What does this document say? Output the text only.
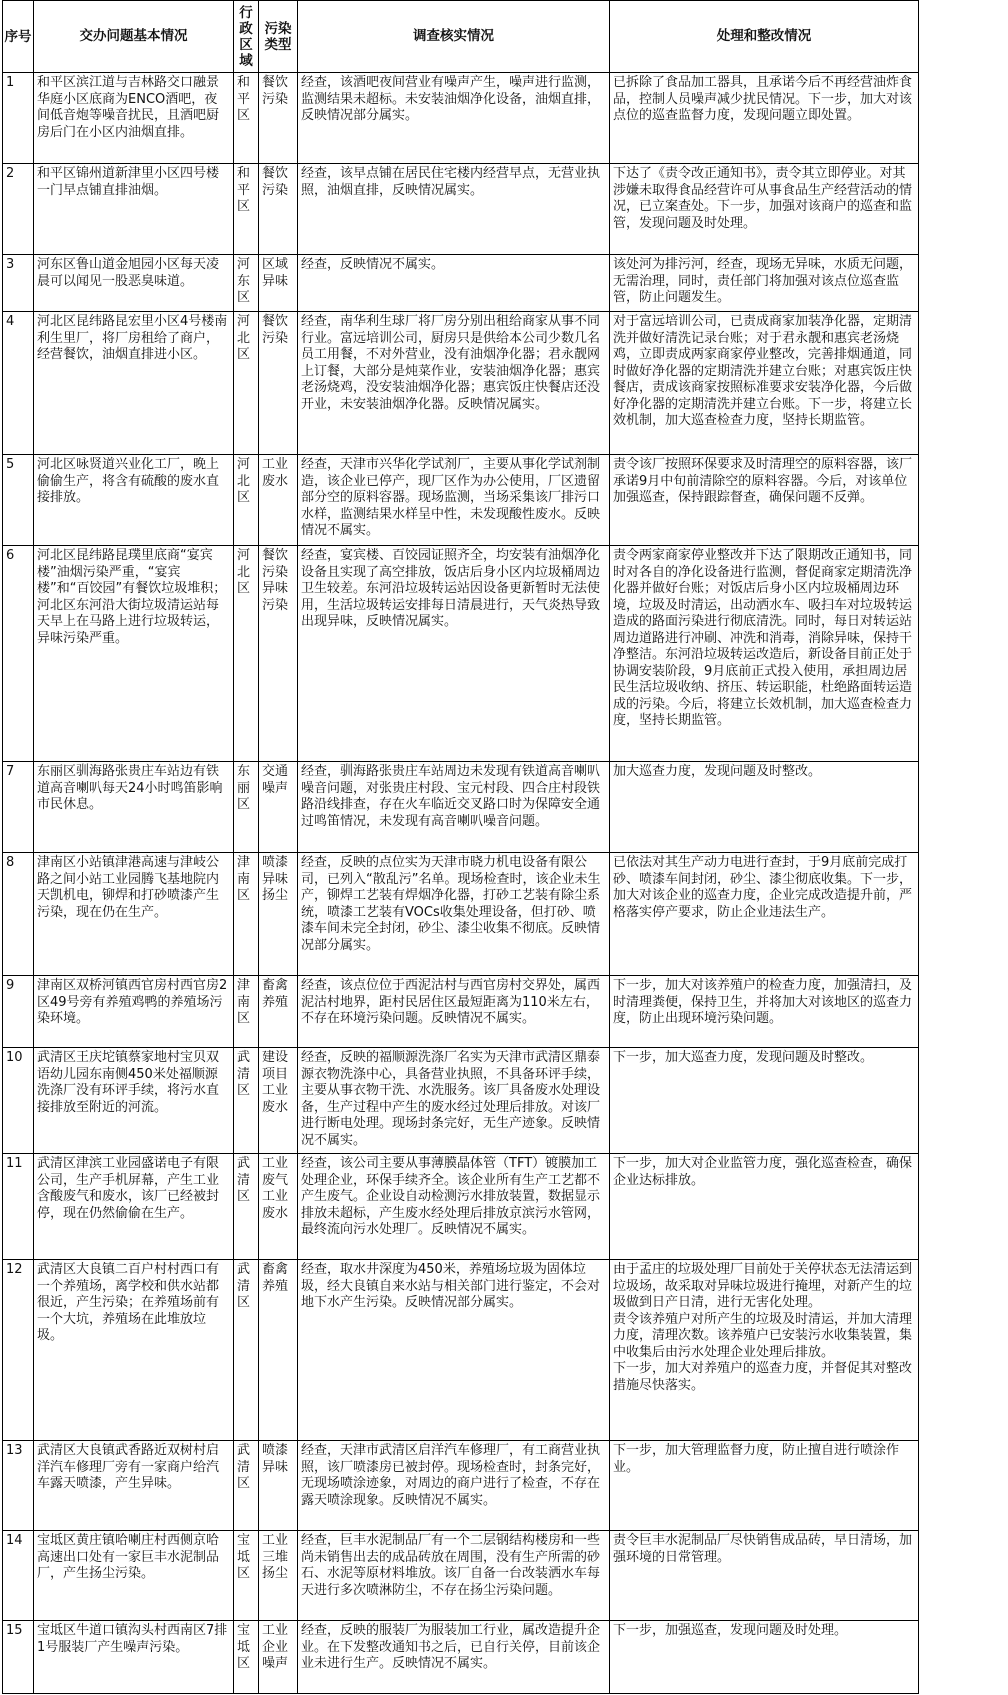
序号	交办问题基本情况	行政区域	污染类型	调查核实情况	处理和整改情况
1	和平区滨江道与吉林路交口融景华庭小区底商为ENCO酒吧，夜间低音炮等噪音扰民，且酒吧厨房后门在小区内油烟直排。	和平区	餐饮污染	经查，该酒吧夜间营业有噪声产生，噪声进行监测，监测结果未超标。未安装油烟净化设备，油烟直排，反映情况部分属实。	已拆除了食品加工器具，且承诺今后不再经营油炸食品，控制人员噪声减少扰民情况。下一步，加大对该点位的巡查监督力度，发现问题立即处置。
2	和平区锦州道新津里小区四号楼一门早点铺直排油烟。	和平区	餐饮污染	经查，该早点铺在居民住宅楼内经营早点，无营业执照，油烟直排，反映情况属实。	下达了《责令改正通知书》，责令其立即停业。对其涉嫌未取得食品经营许可从事食品生产经营活动的情况，已立案查处。下一步，加强对该商户的巡查和监管，发现问题及时处理。
3	河东区鲁山道金旭园小区每天凌晨可以闻见一股恶臭味道。	河东区	区域异味	经查，反映情况不属实。	该处河为排污河，经查，现场无异味，水质无问题，无需治理，同时，责任部门将加强对该点位巡查监管，防止问题发生。
4	河北区昆纬路昆宏里小区4号楼南利生里厂，将厂房租给了商户，经营餐饮，油烟直排进小区。	河北区	餐饮污染	经查，南华利生球厂将厂房分别出租给商家从事不同行业。富远培训公司，厨房只是供给本公司少数几名员工用餐，不对外营业，没有油烟净化器；君永靓网上订餐，大部分是炖菜作业，安装油烟净化器；惠宾老汤烧鸡，没安装油烟净化器；惠宾饭庄快餐店还没开业，未安装油烟净化器。反映情况属实。	对于富远培训公司，已责成商家加装净化器，定期清洗并做好清洗记录台账；对于君永靓和惠宾老汤烧鸡，立即责成两家商家停业整改，完善排烟通道，同时做好净化器的定期清洗并建立台账；对惠宾饭庄快餐店，责成该商家按照标准要求安装净化器，今后做好净化器的定期清洗并建立台账。下一步，将建立长效机制，加大巡查检查力度，坚持长期监管。
5	河北区咏贤道兴业化工厂，晚上偷偷生产，将含有硫酸的废水直接排放。	河北区	工业废水	经查，天津市兴华化学试剂厂，主要从事化学试剂制造，该企业已停产，现厂区作为办公使用，厂区遗留部分空的原料容器。现场监测，当场采集该厂排污口水样，监测结果水样呈中性，未发现酸性废水。反映情况不属实。	责令该厂按照环保要求及时清理空的原料容器，该厂承诺9月中旬前清除空的原料容器。今后，对该单位加强巡查，保持跟踪督查，确保问题不反弹。
6	河北区昆纬路昆璞里底商“宴宾楼”油烟污染严重，“宴宾楼”和“百饺园”有餐饮垃圾堆积；河北区东河沿大街垃圾清运站每天早上在马路上进行垃圾转运，异味污染严重。	河北区	餐饮污染异味污染	经查，宴宾楼、百饺园证照齐全，均安装有油烟净化设备且实现了高空排放，饭店后身小区内垃圾桶周边卫生较差。东河沿垃圾转运站因设备更新暂时无法使用，生活垃圾转运安排每日清晨进行，天气炎热导致出现异味，反映情况属实。	责令两家商家停业整改并下达了限期改正通知书，同时对各自的净化设备进行监测，督促商家定期清洗净化器并做好台账；对饭店后身小区内垃圾桶周边环境，垃圾及时清运，出动洒水车、吸扫车对垃圾转运造成的路面污染进行彻底清洗。同时，每日对转运站周边道路进行冲刷、冲洗和消毒，消除异味，保持干净整洁。东河沿垃圾转运改造后，新设备目前正处于协调安装阶段，9月底前正式投入使用，承担周边居民生活垃圾收纳、挤压、转运职能，杜绝路面转运造成的污染。今后，将建立长效机制，加大巡查检查力度，坚持长期监管。
7	东丽区驯海路张贵庄车站边有铁道高音喇叭每天24小时鸣笛影响市民休息。	东丽区	交通噪声	经查，驯海路张贵庄车站周边未发现有铁道高音喇叭噪音问题，对张贵庄村段、宝元村段、四合庄村段铁路沿线排查，存在火车临近交叉路口时为保障安全通过鸣笛情况，未发现有高音喇叭噪音问题。	加大巡查力度，发现问题及时整改。
8	津南区小站镇津港高速与津岐公路之间小站工业园腾飞基地院内天凯机电，铆焊和打砂喷漆产生污染，现在仍在生产。	津南区	喷漆异味扬尘	经查，反映的点位实为天津市晓力机电设备有限公司，已列入“散乱污”名单。现场检查时，该企业未生产，铆焊工艺装有焊烟净化器，打砂工艺装有除尘系统，喷漆工艺装有VOCs收集处理设备，但打砂、喷漆车间未完全封闭，砂尘、漆尘收集不彻底。反映情况部分属实。	已依法对其生产动力电进行查封，于9月底前完成打砂、喷漆车间封闭，砂尘、漆尘彻底收集。下一步，加大对该企业的巡查力度，企业完成改造提升前，严格落实停产要求，防止企业违法生产。
9	津南区双桥河镇西官房村西官房2区49号旁有养殖鸡鸭的养殖场污染环境。	津南区	畜禽养殖	经查，该点位位于西泥沽村与西官房村交界处，属西泥沽村地界，距村民居住区最短距离为110米左右，不存在环境污染问题。反映情况不属实。	下一步，加大对该养殖户的检查力度，加强清扫，及时清理粪便，保持卫生，并将加大对该地区的巡查力度，防止出现环境污染问题。
10	武清区王庆坨镇蔡家地村宝贝双语幼儿园东南侧450米处福顺源洗涤厂没有环评手续，将污水直接排放至附近的河流。	武清区	建设项目工业废水	经查，反映的福顺源洗涤厂名实为天津市武清区鼎泰源衣物洗涤中心，具备营业执照，不具备环评手续，主要从事衣物干洗、水洗服务。该厂具备废水处理设备，生产过程中产生的废水经过处理后排放。对该厂进行断电处理。现场封条完好，无生产迹象。反映情况不属实。	下一步，加大巡查力度，发现问题及时整改。
11	武清区津滨工业园盛诺电子有限公司，生产手机屏幕，产生工业含酸废气和废水，该厂已经被封停，现在仍然偷偷在生产。	武清区	工业废气工业废水	经查，该公司主要从事薄膜晶体管（TFT）镀膜加工处理企业，环保手续齐全。该企业所有生产工艺都不产生废气。企业设自动检测污水排放装置，数据显示排放未超标，产生废水经处理后排放京滨污水管网，最终流向污水处理厂。反映情况不属实。	下一步，加大对企业监管力度，强化巡查检查，确保企业达标排放。
12	武清区大良镇二百户村村西口有一个养殖场，离学校和供水站都很近，产生污染；在养殖场前有一个大坑，养殖场在此堆放垃圾。	武清区	畜禽养殖	经查，取水井深度为450米，养殖场垃圾为固体垃圾，经大良镇自来水站与相关部门进行鉴定，不会对地下水产生污染。反映情况部分属实。	由于孟庄的垃圾处理厂目前处于关停状态无法清运到垃圾场，故采取对异味垃圾进行掩埋，对新产生的垃圾做到日产日清，进行无害化处理。
责令该养殖户对所产生的垃圾及时清运，并加大清理力度，清理次数。该养殖户已安装污水收集装置，集中收集后由污水处理企业处理后排放。
下一步，加大对养殖户的巡查力度，并督促其对整改措施尽快落实。
13	武清区大良镇武香路近双树村启洋汽车修理厂旁有一家商户给汽车露天喷漆，产生异味。	武清区	喷漆异味	经查，天津市武清区启洋汽车修理厂，有工商营业执照，该厂喷漆房已被封停。现场检查时，封条完好，无现场喷涂迹象，对周边的商户进行了检查，不存在露天喷涂现象。反映情况不属实。	下一步，加大管理监督力度，防止擅自进行喷涂作业。
14	宝坻区黄庄镇哈喇庄村西侧京哈高速出口处有一家巨丰水泥制品厂，产生扬尘污染。	宝坻区	工业三堆扬尘	经查，巨丰水泥制品厂有一个二层钢结构楼房和一些尚未销售出去的成品砖放在周围，没有生产所需的砂石、水泥等原材料堆放。该厂自备一台改装洒水车每天进行多次喷淋防尘，不存在扬尘污染问题。	责令巨丰水泥制品厂尽快销售成品砖，早日清场，加强环境的日常管理。
15	宝坻区牛道口镇沟头村西南区7排1号服装厂产生噪声污染。	宝坻区	工业企业噪声	经查，反映的服装厂为服装加工行业，属改造提升企业。在下发整改通知书之后，已自行关停，目前该企业未进行生产。反映情况不属实。	下一步，加强巡查，发现问题及时处理。
